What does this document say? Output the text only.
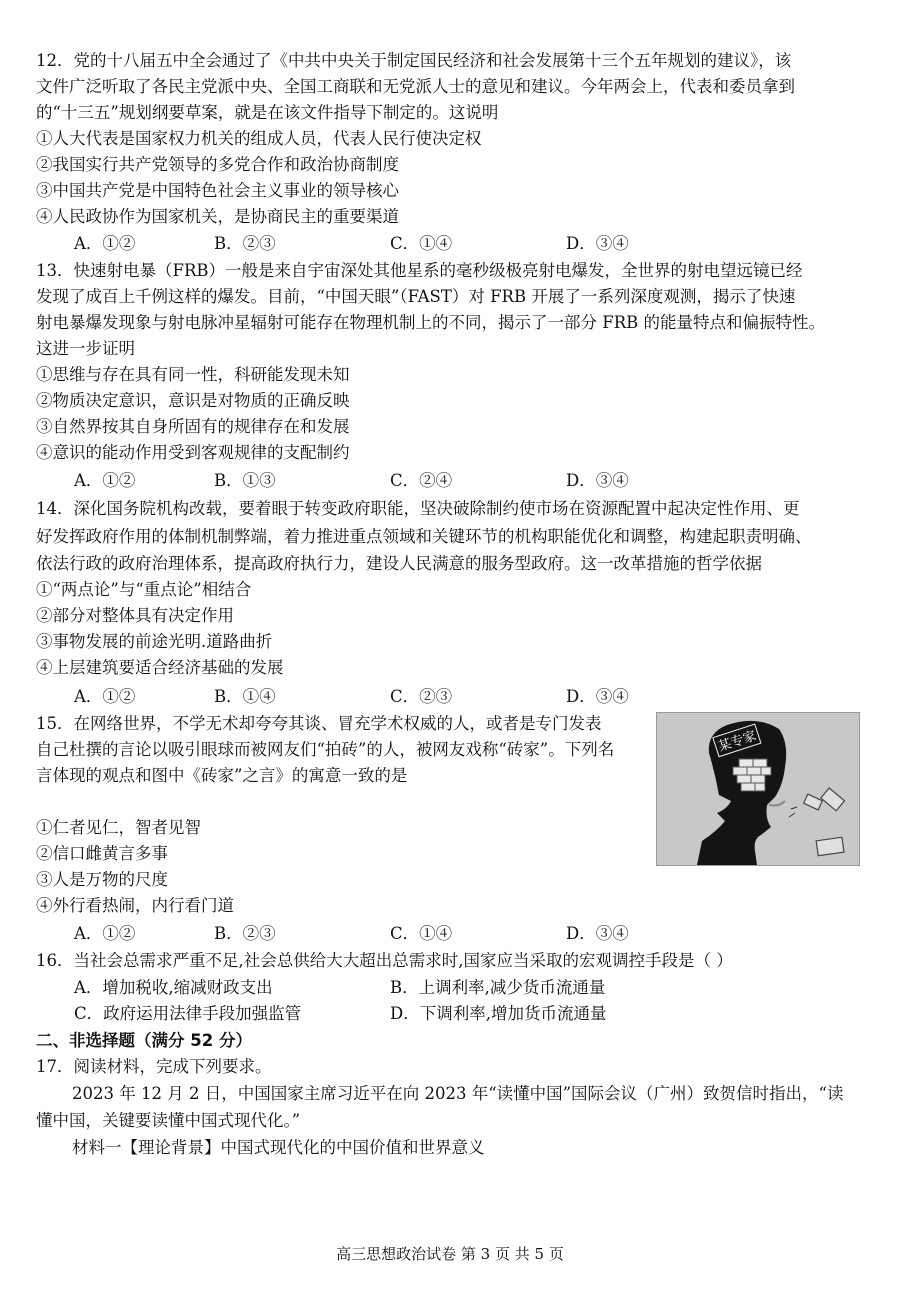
12．党的十八届五中全会通过了《中共中央关于制定国民经济和社会发展第十三个五年规划的建议》，该
文件广泛听取了各民主党派中央、全国工商联和无党派人士的意见和建议。今年两会上，代表和委员拿到
的“十三五”规划纲要草案，就是在该文件指导下制定的。这说明
①人大代表是国家权力机关的组成人员，代表人民行使决定权
②我国实行共产党领导的多党合作和政治协商制度
③中国共产党是中国特色社会主义事业的领导核心
④人民政协作为国家机关，是协商民主的重要渠道
A．①②	B．②③	C．①④	D．③④
13．快速射电暴（FRB）一般是来自宇宙深处其他星系的毫秒级极亮射电爆发，全世界的射电望远镜已经
发现了成百上千例这样的爆发。目前，“中国天眼”（FAST）对 FRB 开展了一系列深度观测，揭示了快速
射电暴爆发现象与射电脉冲星辐射可能存在物理机制上的不同，揭示了一部分 FRB 的能量特点和偏振特性。
这进一步证明
①思维与存在具有同一性，科研能发现未知
②物质决定意识，意识是对物质的正确反映
③自然界按其自身所固有的规律存在和发展
④意识的能动作用受到客观规律的支配制约
A．①②	B．①③	C．②④	D．③④
14．深化国务院机构改载，要着眼于转变政府职能，坚决破除制约使市场在资源配置中起决定性作用、更
好发挥政府作用的体制机制弊端，着力推进重点领域和关键环节的机构职能优化和调整，构建起职责明确、
依法行政的政府治理体系，提高政府执行力，建设人民满意的服务型政府。这一改革措施的哲学依据
①“两点论”与“重点论”相结合
②部分对整体具有决定作用
③事物发展的前途光明.道路曲折
④上层建筑要适合经济基础的发展
A．①②	B．①④	C．②③	D．③④
15．在网络世界，不学无术却夸夸其谈、冒充学术权威的人，或者是专门发表
自己杜撰的言论以吸引眼球而被网友们“拍砖”的人，被网友戏称“砖家”。下列名
言体现的观点和图中《砖家”之言》的寓意一致的是
①仁者见仁，智者见智
②信口雌黄言多事
③人是万物的尺度
④外行看热闹，内行看门道
A．①②	B．②③	C．①④	D．③④
某专家
16．当社会总需求严重不足,社会总供给大大超出总需求时,国家应当采取的宏观调控手段是（ ）
A．增加税收,缩减财政支出	B．上调利率,减少货币流通量
C．政府运用法律手段加强监管	D．下调利率,增加货币流通量
二、非选择题（满分 52 分）
17．阅读材料，完成下列要求。
2023 年 12 月 2 日，中国国家主席习近平在向 2023 年“读懂中国”国际会议（广州）致贺信时指出，“读
懂中国，关键要读懂中国式现代化。”
材料一【理论背景】中国式现代化的中国价值和世界意义
高三思想政治试卷 第 3 页 共 5 页
